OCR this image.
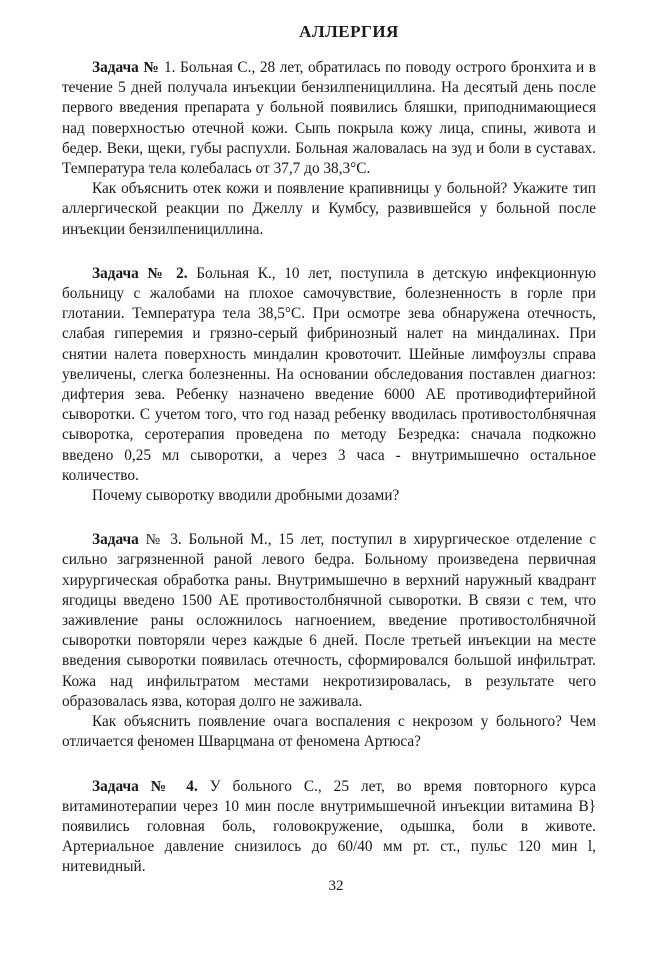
АЛЛЕРГИЯ

Задача № 1. Больная С., 28 лет, обратилась по поводу острого бронхита и в течение 5 дней получала инъекции бензилпенициллина. На десятый день после первого введения препарата у больной появились бляшки, приподнимающиеся над поверхностью отечной кожи. Сыпь покрыла кожу лица, спины, живота и бедер. Веки, щеки, губы распухли. Больная жаловалась на зуд и боли в суставах. Температура тела колебалась от 37,7 до 38,3°С.

Как объяснить отек кожи и появление крапивницы у больной? Укажите тип аллергической реакции по Джеллу и Кумбсу, развившейся у больной после инъекции бензилпенициллина.

Задача № 2. Больная К., 10 лет, поступила в детскую инфекционную больницу с жалобами на плохое самочувствие, болезненность в горле при глотании. Температура тела 38,5°С. При осмотре зева обнаружена отечность, слабая гиперемия и грязно-серый фибринозный налет на миндалинах. При снятии налета поверхность миндалин кровоточит. Шейные лимфоузлы справа увеличены, слегка болезненны. На основании обследования поставлен диагноз: дифтерия зева. Ребенку назначено введение 6000 АЕ противодифтерийной сыворотки. С учетом того, что год назад ребенку вводилась противостолбнячная сыворотка, серотерапия проведена по методу Безредка: сначала подкожно введено 0,25 мл сыворотки, а через 3 часа - внутримышечно остальное количество.

Почему сыворотку вводили дробными дозами?

Задача № 3. Больной М., 15 лет, поступил в хирургическое отделение с сильно загрязненной раной левого бедра. Больному произведена первичная хирургическая обработка раны. Внутримышечно в верхний наружный квадрант ягодицы введено 1500 АЕ противостолбнячной сыворотки. В связи с тем, что заживление раны осложнилось нагноением, введение противостолбнячной сыворотки повторяли через каждые 6 дней. После третьей инъекции на месте введения сыворотки появилась отечность, сформировался большой инфильтрат. Кожа над инфильтратом местами некротизировалась, в результате чего образовалась язва, которая долго не заживала.

Как объяснить появление очага воспаления с некрозом у больного? Чем отличается феномен Шварцмана от феномена Артюса?

Задача № 4. У больного С., 25 лет, во время повторного курса витаминотерапии через 10 мин после внутримышечной инъекции витамина В} появились головная боль, головокружение, одышка, боли в животе. Артериальное давление снизилось до 60/40 мм рт. ст., пульс 120 мин l, нитевидный.

32
